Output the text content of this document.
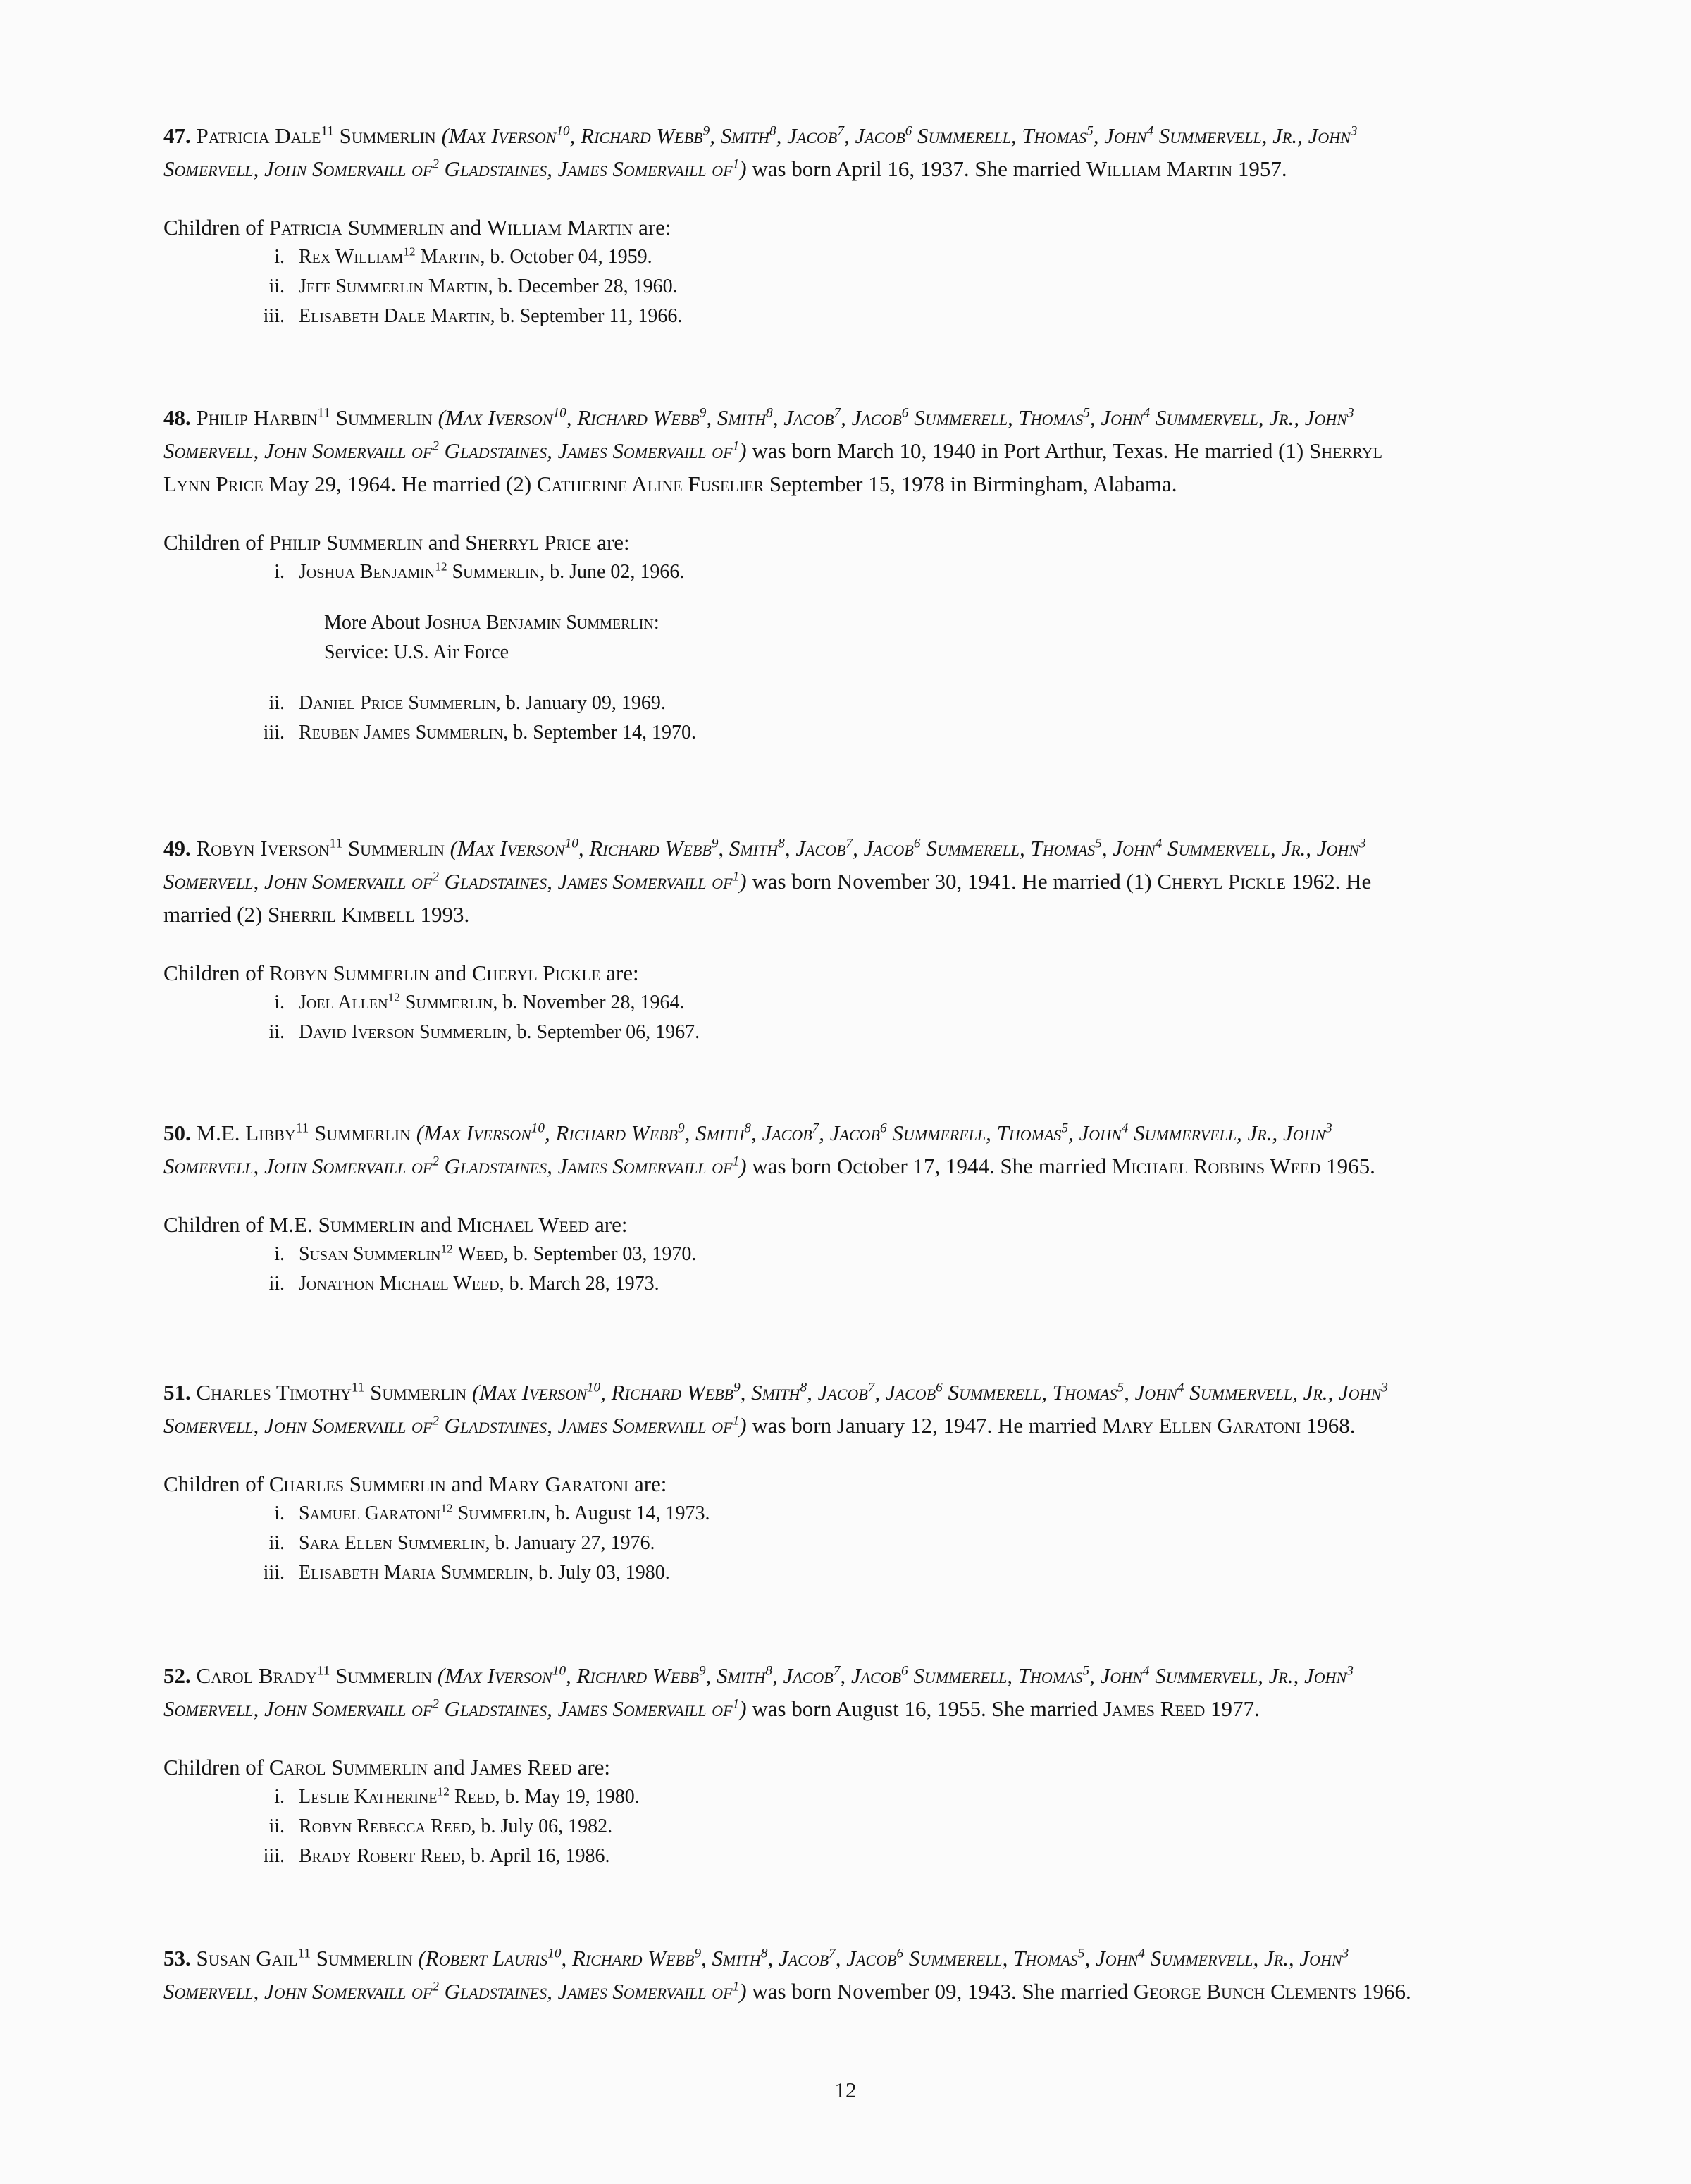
47. Patricia Dale$^{11}$ Summerlin (Max Iverson$^{10}$, Richard Webb$^9$, Smith$^8$, Jacob$^7$, Jacob$^6$ Summerell, Thomas$^5$, John$^4$ Summervell, Jr., John$^3$ Somervell, John Somervaill $of^2$ Gladstaines, James Somervaill $of^1$) was born April 16, 1937. She married William Martin 1957.

Children of Patricia Summerlin and William Martin are:

i. Rex William$^{12}$ Martin, b. October 04, 1959.
ii. Jeff Summerlin Martin, b. December 28, 1960.
iii. Elisabeth Dale Martin, b. September 11, 1966.

48. Philip Harbin$^{11}$ Summerlin (Max Iverson$^{10}$, Richard Webb$^9$, Smith$^8$, Jacob$^7$, Jacob$^6$ Summerell, Thomas$^5$, John$^4$ Summervell, Jr., John$^3$ Somervell, John Somervaill $of^2$ Gladstaines, James Somervaill $of^1$) was born March 10, 1940 in Port Arthur, Texas. He married (1) Sherryl Lynn Price May 29, 1964. He married (2) Catherine Aline Fuselier September 15, 1978 in Birmingham, Alabama.

Children of Philip Summerlin and Sherryl Price are:

i. Joshua Benjamin$^{12}$ Summerlin, b. June 02, 1966.
More About Joshua Benjamin Summerlin:
Service: U.S. Air Force
ii. Daniel Price Summerlin, b. January 09, 1969.
iii. Reuben James Summerlin, b. September 14, 1970.

49. Robyn Iverson$^{11}$ Summerlin (Max Iverson$^{10}$, Richard Webb$^9$, Smith$^8$, Jacob$^7$, Jacob$^6$ Summerell, Thomas$^5$, John$^4$ Summervell, Jr., John$^3$ Somervell, John Somervaill $of^2$ Gladstaines, James Somervaill $of^1$) was born November 30, 1941. He married (1) Cheryl Pickle 1962. He married (2) Sherril Kimbell 1993.

Children of Robyn Summerlin and Cheryl Pickle are:

i. Joel Allen$^{12}$ Summerlin, b. November 28, 1964.
ii. David Iverson Summerlin, b. September 06, 1967.

50. M.E. Libby$^{11}$ Summerlin (Max Iverson$^{10}$, Richard Webb$^9$, Smith$^8$, Jacob$^7$, Jacob$^6$ Summerell, Thomas$^5$, John$^4$ Summervell, Jr., John$^3$ Somervell, John Somervaill $of^2$ Gladstaines, James Somervaill $of^1$) was born October 17, 1944. She married Michael Robbins Weed 1965.

Children of M.E. Summerlin and Michael Weed are:

i. Susan Summerlin$^{12}$ Weed, b. September 03, 1970.
ii. Jonathon Michael Weed, b. March 28, 1973.

51. Charles Timothy$^{11}$ Summerlin (Max Iverson$^{10}$, Richard Webb$^9$, Smith$^8$, Jacob$^7$, Jacob$^6$ Summerell, Thomas$^5$, John$^4$ Summervell, Jr., John$^3$ Somervell, John Somervaill $of^2$ Gladstaines, James Somervaill $of^1$) was born January 12, 1947. He married Mary Ellen Garatoni 1968.

Children of Charles Summerlin and Mary Garatoni are:

i. Samuel Garatoni$^{12}$ Summerlin, b. August 14, 1973.
ii. Sara Ellen Summerlin, b. January 27, 1976.
iii. Elisabeth Maria Summerlin, b. July 03, 1980.

52. Carol Brady$^{11}$ Summerlin (Max Iverson$^{10}$, Richard Webb$^9$, Smith$^8$, Jacob$^7$, Jacob$^6$ Summerell, Thomas$^5$, John$^4$ Summervell, Jr., John$^3$ Somervell, John Somervaill $of^2$ Gladstaines, James Somervaill $of^1$) was born August 16, 1955. She married James Reed 1977.

Children of Carol Summerlin and James Reed are:

i. Leslie Katherine$^{12}$ Reed, b. May 19, 1980.
ii. Robyn Rebecca Reed, b. July 06, 1982.
iii. Brady Robert Reed, b. April 16, 1986.

53. Susan Gail$^{11}$ Summerlin (Robert Lauris$^{10}$, Richard Webb$^9$, Smith$^8$, Jacob$^7$, Jacob$^6$ Summerell, Thomas$^5$, John$^4$ Summervell, Jr., John$^3$ Somervell, John Somervaill $of^2$ Gladstaines, James Somervaill $of^1$) was born November 09, 1943. She married George Bunch Clements 1966.

12
